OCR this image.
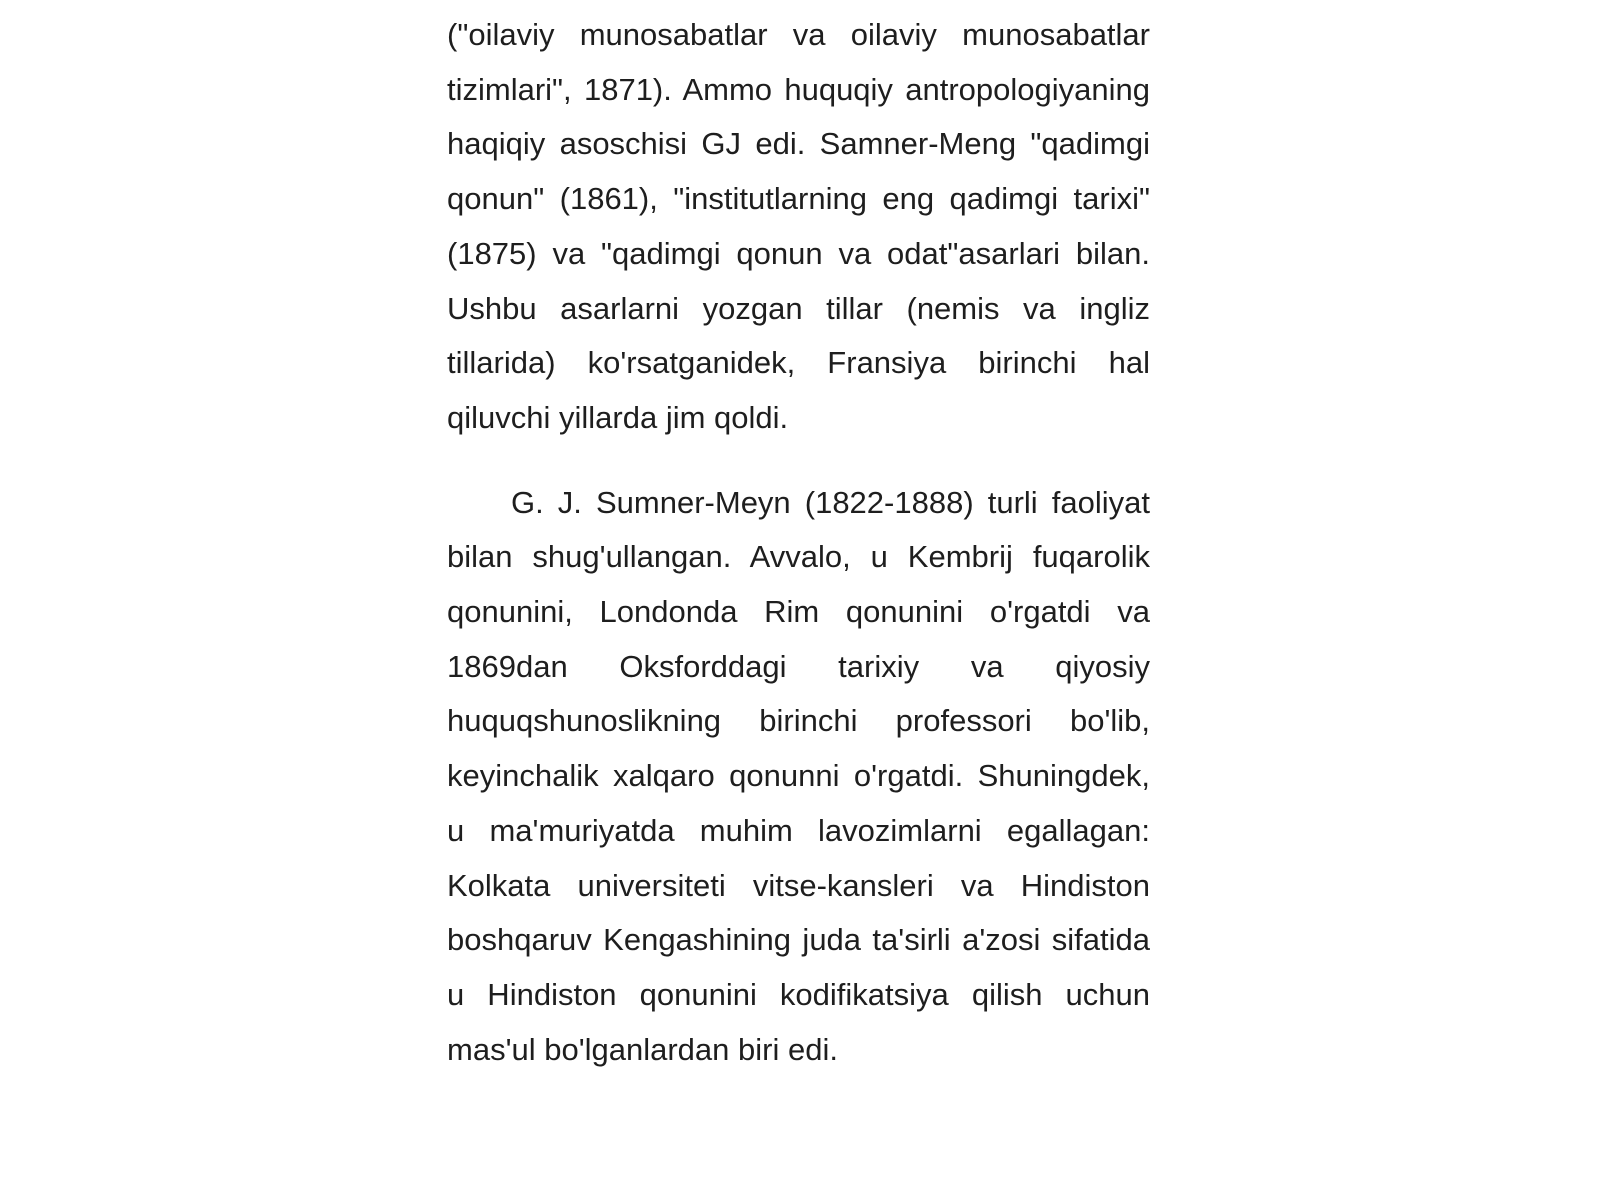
("oilaviy munosabatlar va oilaviy munosabatlar tizimlari", 1871). Ammo huquqiy antropologiyaning haqiqiy asoschisi GJ edi. Samner-Meng "qadimgi qonun" (1861), "institutlarning eng qadimgi tarixi" (1875) va "qadimgi qonun va odat"asarlari bilan. Ushbu asarlarni yozgan tillar (nemis va ingliz tillarida) ko'rsatganidek, Fransiya birinchi hal qiluvchi yillarda jim qoldi.

G. J. Sumner-Meyn (1822-1888) turli faoliyat bilan shug'ullangan. Avvalo, u Kembrij fuqarolik qonunini, Londonda Rim qonunini o'rgatdi va 1869dan Oksforddagi tarixiy va qiyosiy huquqshunoslikning birinchi professori bo'lib, keyinchalik xalqaro qonunni o'rgatdi. Shuningdek, u ma'muriyatda muhim lavozimlarni egallagan: Kolkata universiteti vitse-kansleri va Hindiston boshqaruv Kengashining juda ta'sirli a'zosi sifatida u Hindiston qonunini kodifikatsiya qilish uchun mas'ul bo'lganlardan biri edi.
